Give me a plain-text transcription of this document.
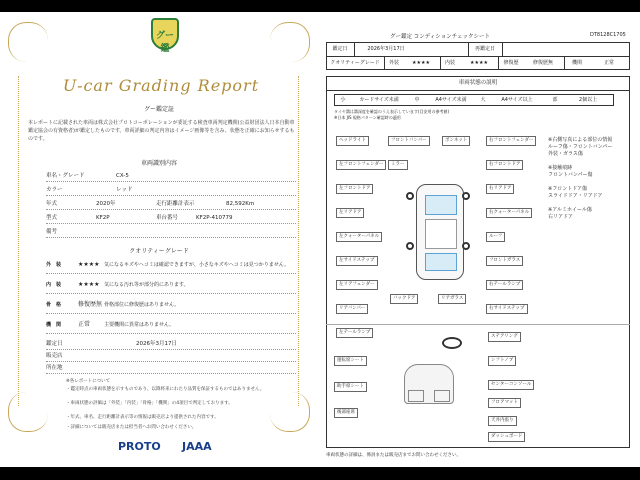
グー鑑
U-car Grading Report
グー鑑定証
本レポートに記載された車両は株式会社プロトコーポレーションが委託する検査車両判定機関(公益財団法人日本自動車鑑定協会の有資格者)が鑑定したものです。車両詳細の判定内容はイメージ画像等を含み、状態を正確にお知らせするものです。
車両識別内容
車名・グレード	CX-5
カラー	レッド
年式	2020年	走行距離計表示	82,592Km
型式	KF2P	車台番号	KF2P-410779
備考
クオリティーグレード
外　装	★★★★ 気になるキズやヘコミは確認できますが、小さなキズやヘコミは見つかりません。
内　装	★★★★ 気になる汚れ等が部分的にあります。
骨　格	修復歴無 骨格部位に修復歴はありません。
機　関	正常	主要機関に異常はありません。
鑑定日	2026年3月17日
販売店
所在地
※各レポートについて
・鑑定時点の車両状態を示すものであり、以降将来にわたり品質を保証するものではありません。
・車両状態の評価は「外装」「内装」「骨格」「機関」の4項目で判定しております。
・年式、車名、走行距離計表示等の情報は販売店より提供された内容です。
・詳細については販売店または担当者へお問い合わせください。
PROTO JAAA
グー鑑定 コンディションチェックシート	DT8128C1705
鑑定日	2026年3月17日	再鑑定日
クオリティーグレード	外装	★★★★	内装	★★★★	修復歴	修復歴無	機関	正常
車両状態の説明
小	カードサイズ未満	中	A4サイズ未満	大	A4サイズ以上	部	2個以上
タイヤ溝は溝深度を確認のうえ表示しています(目安用の参考値)
※日本 JIS 規格パターン確認時の適用
ヘッドライト
左フロントフェンダー
左フロントドア
左リアドア
左クォーターパネル
左サイドステップ
左リアフェンダー
リアバンパー
バックドア	リアガラス
左テールランプ
ボンネット	右フロントフェンダー
右フロントドア
右リアドア
右クォーターパネル
ルーフ
フロントガラス
右テールランプ
右サイドステップ
フロントバンパー
ミラー
※右側写真による部位の情報
ルーフ傷・フロントバンパー
外装・ガラス傷
※接触痕跡
フロントバンパー傷
※フロントドア傷
スライドドア・リアドア
※アルミホイール傷
右リアドア
運転席シート
助手席シート
後部座席
ステアリング
シフトノブ
センターコンソール
フロアマット
天井内張り
ダッシュボード
車両状態の詳細は、係員または販売店までお問い合わせください。
